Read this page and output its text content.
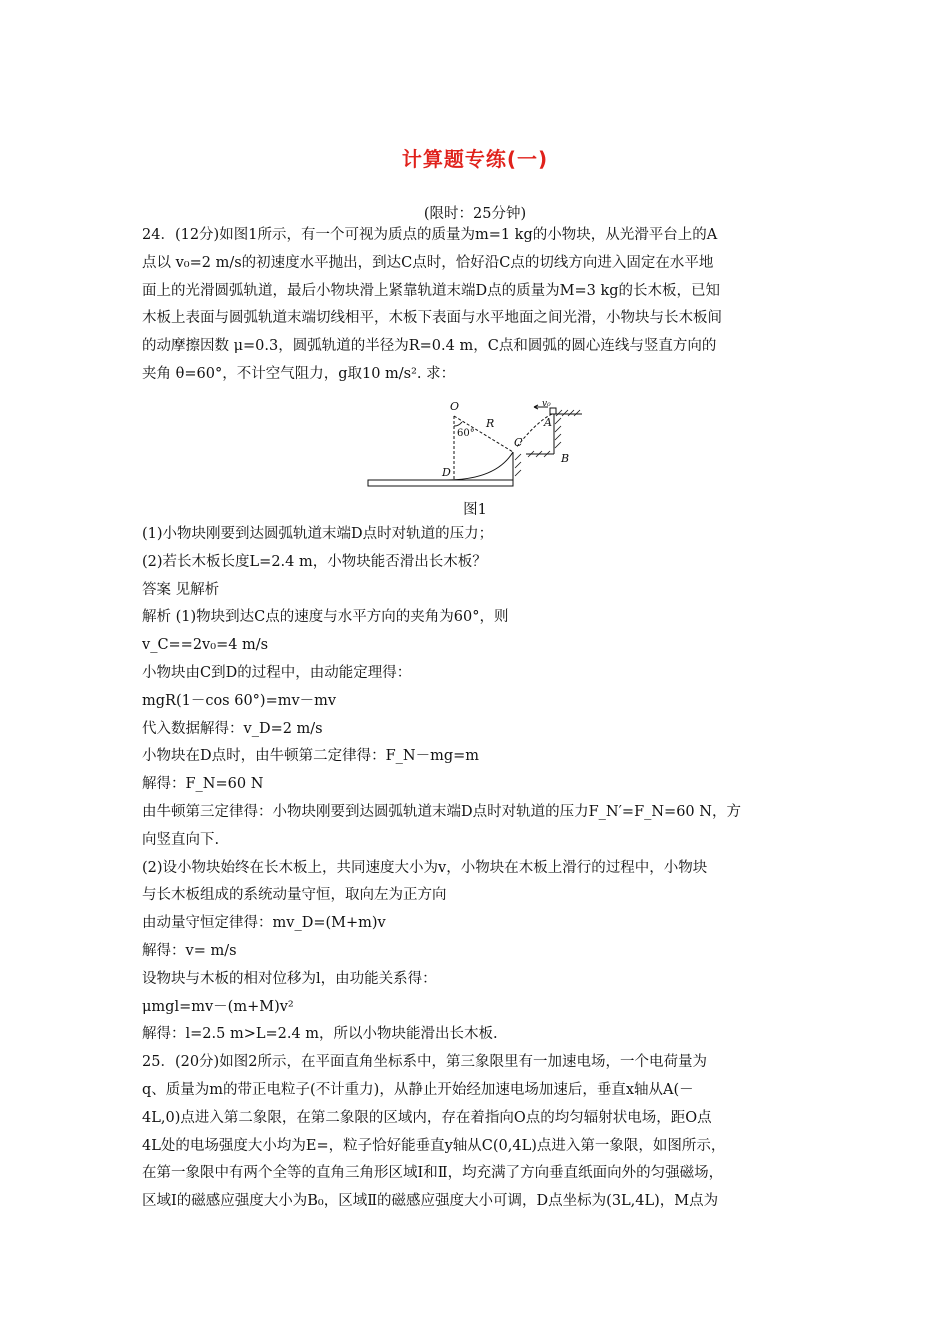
计算题专练(一)
(限时：25分钟)
24．(12分)如图1所示，有一个可视为质点的质量为m=1 kg的小物块，从光滑平台上的A
点以 v₀=2 m/s的初速度水平抛出，到达C点时，恰好沿C点的切线方向进入固定在水平地
面上的光滑圆弧轨道，最后小物块滑上紧靠轨道末端D点的质量为M=3 kg的长木板，已知
木板上表面与圆弧轨道末端切线相平，木板下表面与水平地面之间光滑，小物块与长木板间
的动摩擦因数 μ=0.3，圆弧轨道的半径为R=0.4 m，C点和圆弧的圆心连线与竖直方向的
夹角 θ=60°，不计空气阻力，g取10 m/s². 求：
O
R
60°
C
D
A
B
v₀
图1
(1)小物块刚要到达圆弧轨道末端D点时对轨道的压力；
(2)若长木板长度L=2.4 m，小物块能否滑出长木板？
答案 见解析
解析 (1)物块到达C点的速度与水平方向的夹角为60°，则
v_C==2v₀=4 m/s
小物块由C到D的过程中，由动能定理得：
mgR(1－cos 60°)=mv－mv
代入数据解得：v_D=2 m/s
小物块在D点时，由牛顿第二定律得：F_N－mg=m
解得：F_N=60 N
由牛顿第三定律得：小物块刚要到达圆弧轨道末端D点时对轨道的压力F_N′=F_N=60 N，方
向竖直向下.
(2)设小物块始终在长木板上，共同速度大小为v，小物块在木板上滑行的过程中，小物块
与长木板组成的系统动量守恒，取向左为正方向
由动量守恒定律得：mv_D=(M+m)v
解得：v= m/s
设物块与木板的相对位移为l，由功能关系得：
μmgl=mv－(m+M)v²
解得：l=2.5 m>L=2.4 m，所以小物块能滑出长木板.
25．(20分)如图2所示，在平面直角坐标系中，第三象限里有一加速电场，一个电荷量为
q、质量为m的带正电粒子(不计重力)，从静止开始经加速电场加速后，垂直x轴从A(－
4L,0)点进入第二象限，在第二象限的区域内，存在着指向O点的均匀辐射状电场，距O点
4L处的电场强度大小均为E=，粒子恰好能垂直y轴从C(0,4L)点进入第一象限，如图所示，
在第一象限中有两个全等的直角三角形区域Ⅰ和Ⅱ，均充满了方向垂直纸面向外的匀强磁场，
区域Ⅰ的磁感应强度大小为B₀，区域Ⅱ的磁感应强度大小可调，D点坐标为(3L,4L)，M点为
